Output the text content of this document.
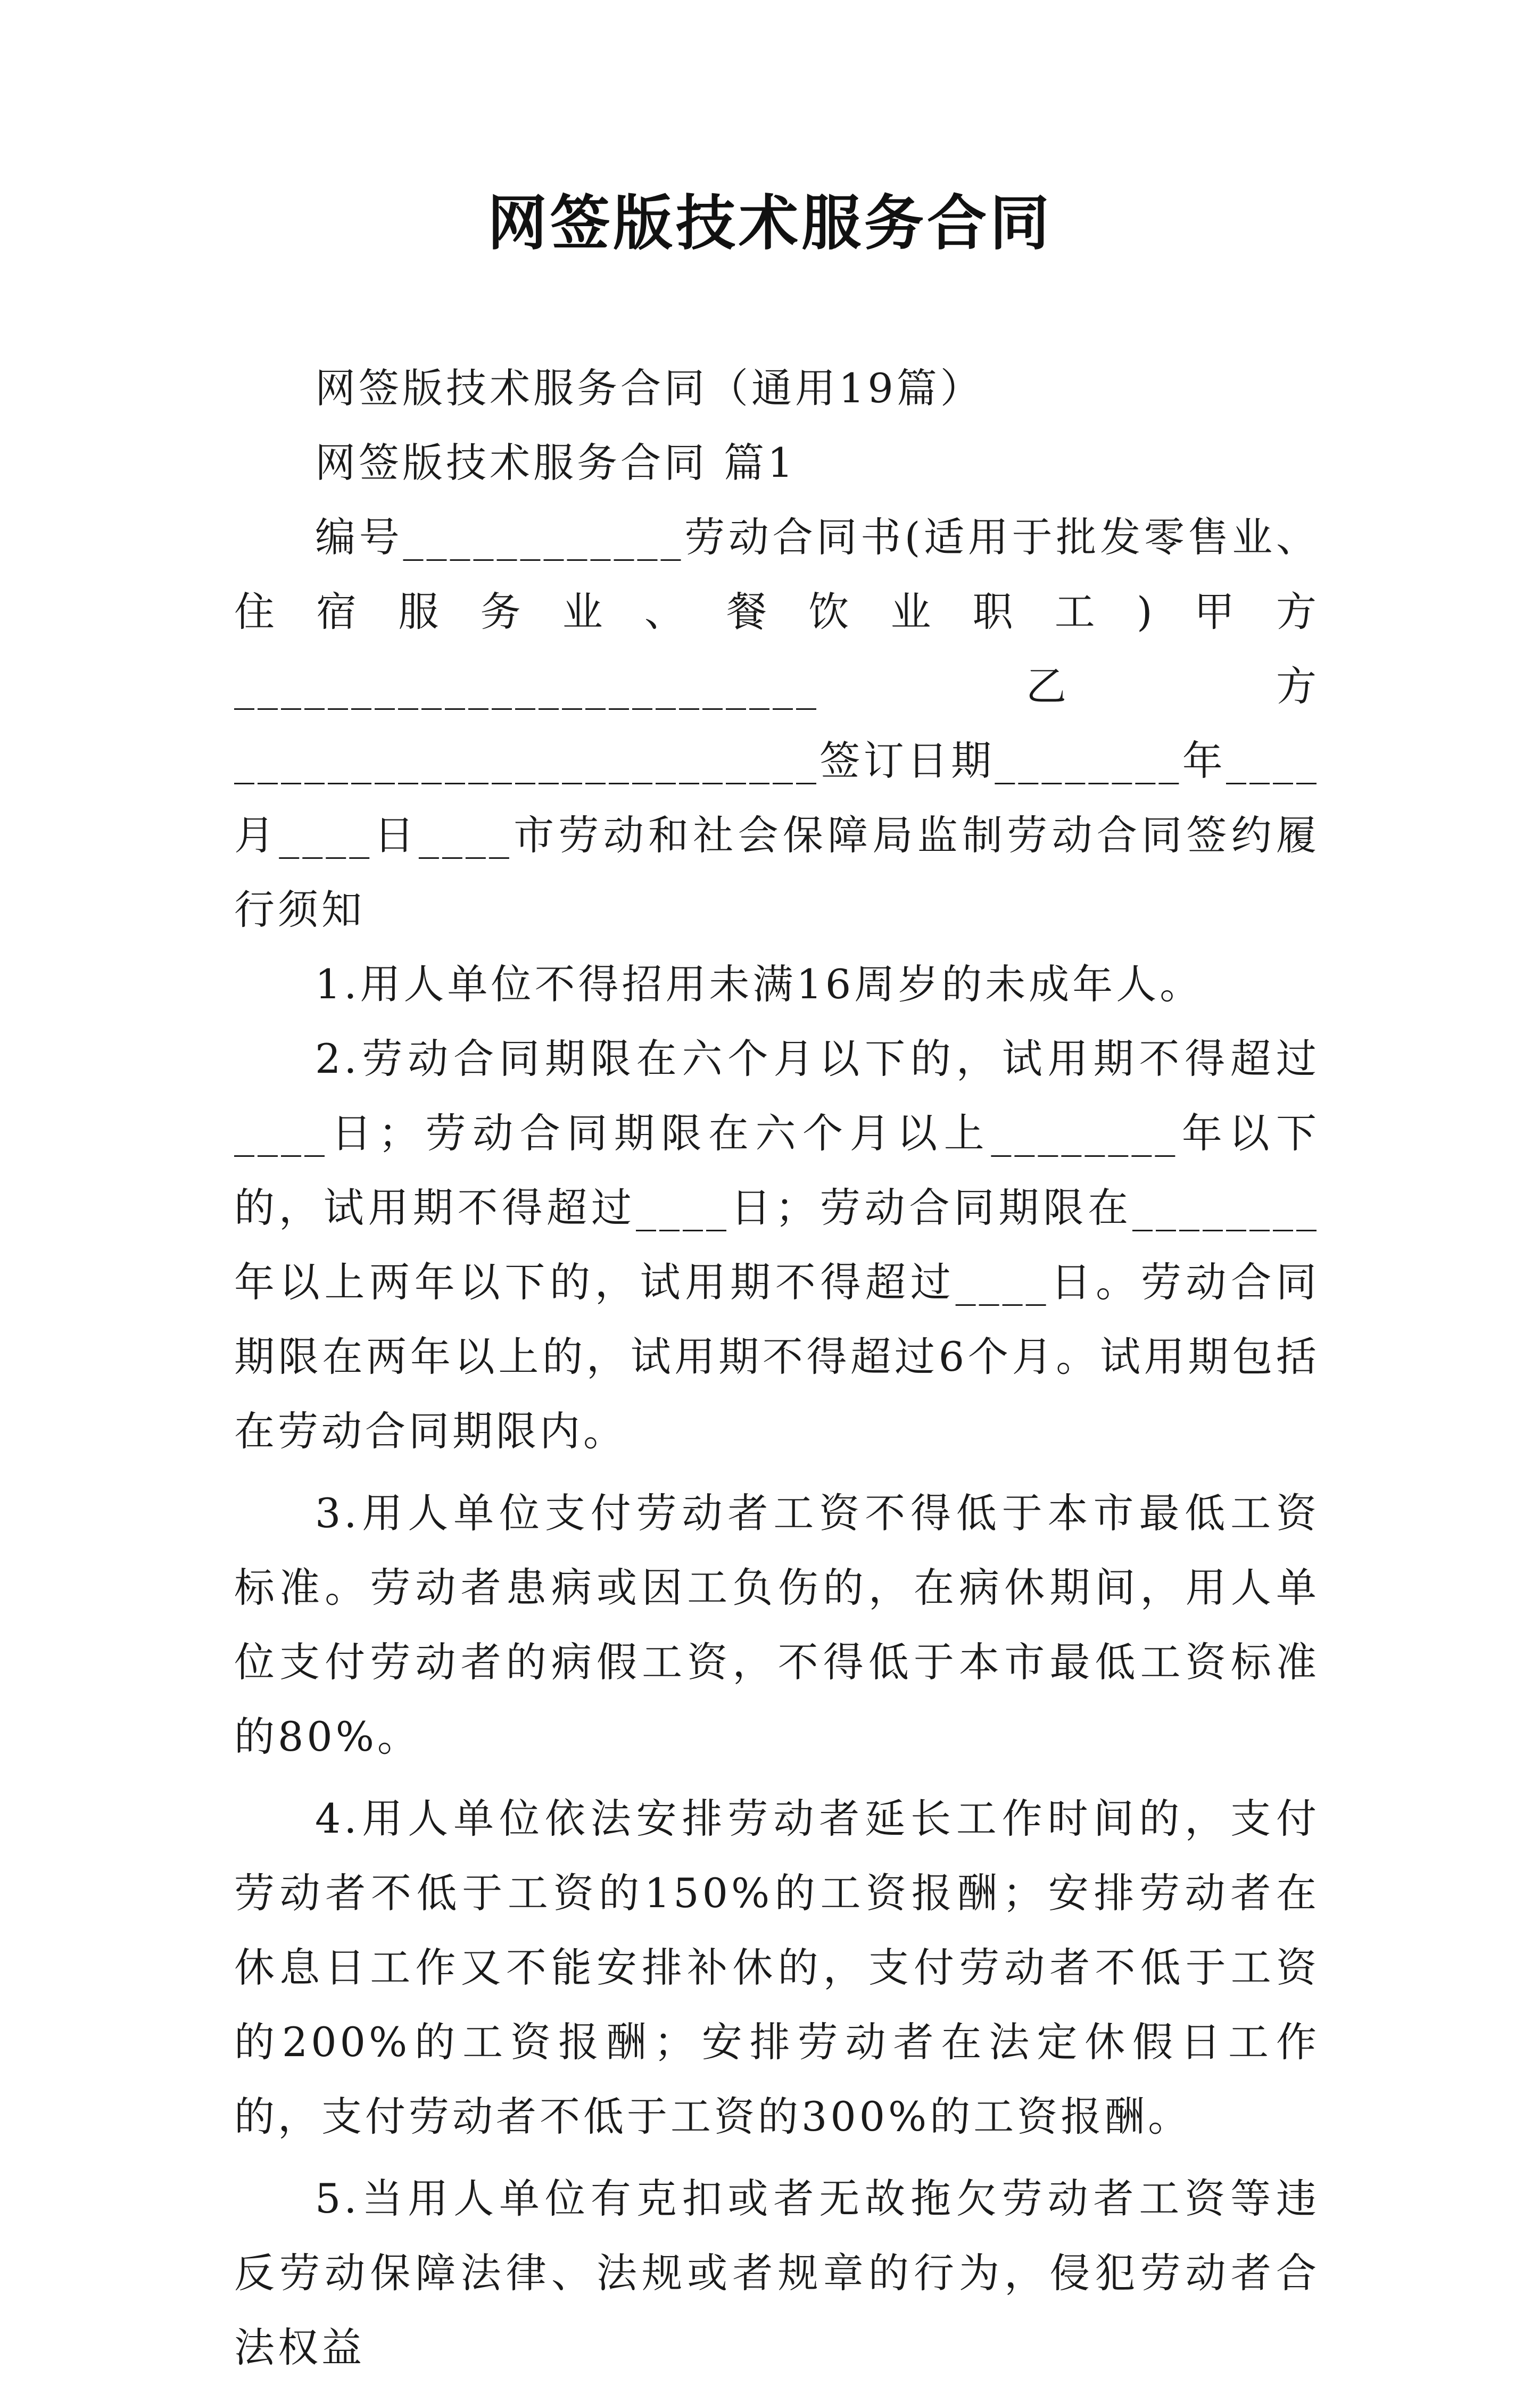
网签版技术服务合同

网签版技术服务合同（通用19篇）

网签版技术服务合同 篇1

编号____________劳动合同书(适用于批发零售业、住宿服务业、餐饮业职工)甲方_________________________乙方_________________________签订日期________年____月____日____市劳动和社会保障局监制劳动合同签约履行须知

1.用人单位不得招用未满16周岁的未成年人。

2.劳动合同期限在六个月以下的，试用期不得超过____日；劳动合同期限在六个月以上________年以下的，试用期不得超过____日；劳动合同期限在________年以上两年以下的，试用期不得超过____日。劳动合同期限在两年以上的，试用期不得超过6个月。试用期包括在劳动合同期限内。

3.用人单位支付劳动者工资不得低于本市最低工资标准。劳动者患病或因工负伤的，在病休期间，用人单位支付劳动者的病假工资，不得低于本市最低工资标准的80%。

4.用人单位依法安排劳动者延长工作时间的，支付劳动者不低于工资的150%的工资报酬；安排劳动者在休息日工作又不能安排补休的，支付劳动者不低于工资的200%的工资报酬；安排劳动者在法定休假日工作的，支付劳动者不低于工资的300%的工资报酬。

5.当用人单位有克扣或者无故拖欠劳动者工资等违反劳动保障法律、法规或者规章的行为，侵犯劳动者合法权益
